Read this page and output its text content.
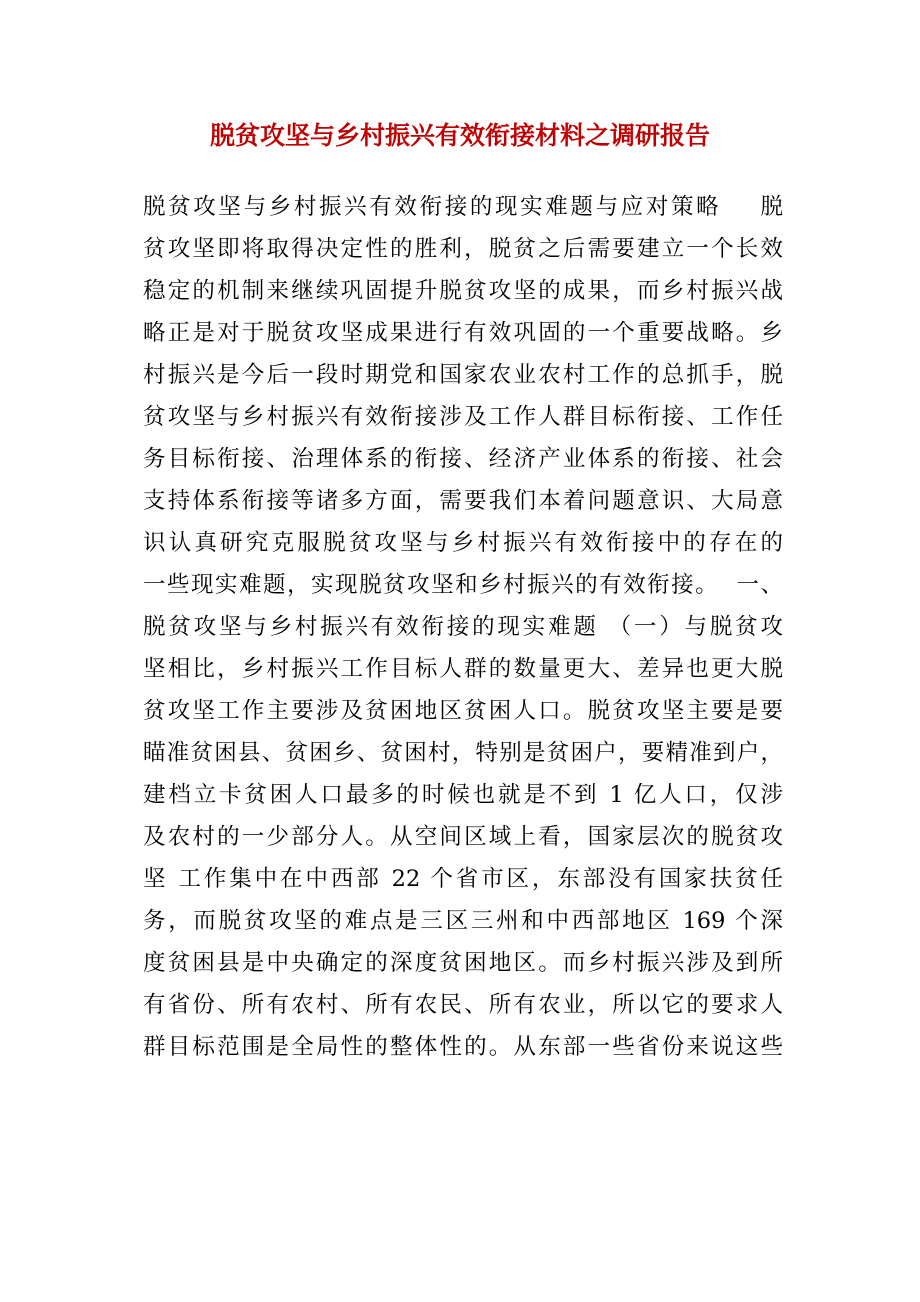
脱贫攻坚与乡村振兴有效衔接材料之调研报告
脱贫攻坚与乡村振兴有效衔接的现实难题与应对策略    脱
贫攻坚即将取得决定性的胜利，脱贫之后需要建立一个长效
稳定的机制来继续巩固提升脱贫攻坚的成果，而乡村振兴战
略正是对于脱贫攻坚成果进行有效巩固的一个重要战略。乡
村振兴是今后一段时期党和国家农业农村工作的总抓手，脱
贫攻坚与乡村振兴有效衔接涉及工作人群目标衔接、工作任
务目标衔接、治理体系的衔接、经济产业体系的衔接、社会
支持体系衔接等诸多方面，需要我们本着问题意识、大局意
识认真研究克服脱贫攻坚与乡村振兴有效衔接中的存在的
一些现实难题，实现脱贫攻坚和乡村振兴的有效衔接。  一、
脱贫攻坚与乡村振兴有效衔接的现实难题 （一）与脱贫攻
坚相比，乡村振兴工作目标人群的数量更大、差异也更大脱
贫攻坚工作主要涉及贫困地区贫困人口。脱贫攻坚主要是要
瞄准贫困县、贫困乡、贫困村，特别是贫困户，要精准到户，
建档立卡贫困人口最多的时候也就是不到 1 亿人口，仅涉
及农村的一少部分人。从空间区域上看，国家层次的脱贫攻
坚 工作集中在中西部 22 个省市区，东部没有国家扶贫任
务，而脱贫攻坚的难点是三区三州和中西部地区 169 个深
度贫困县是中央确定的深度贫困地区。而乡村振兴涉及到所
有省份、所有农村、所有农民、所有农业，所以它的要求人
群目标范围是全局性的整体性的。从东部一些省份来说这些
